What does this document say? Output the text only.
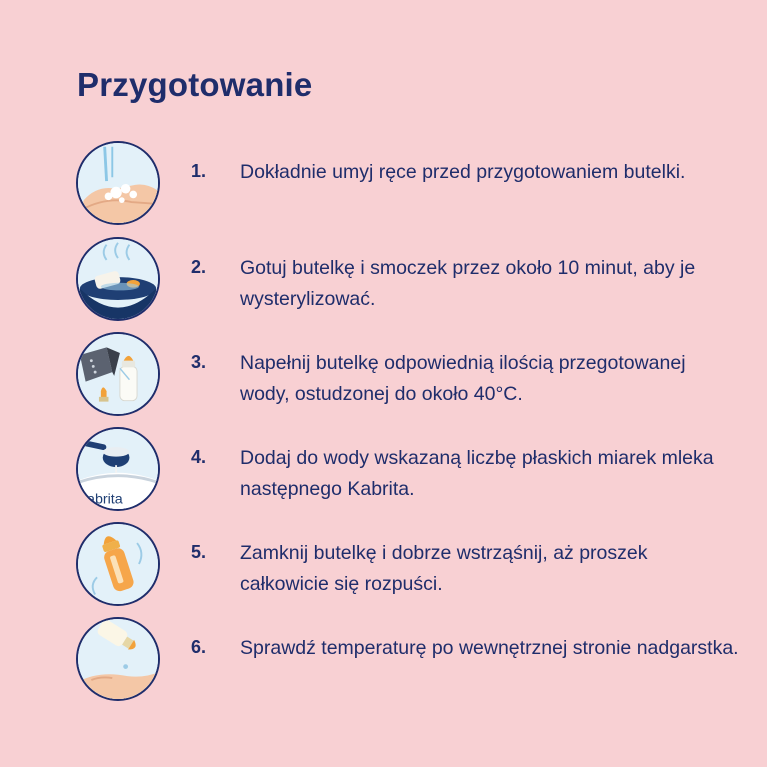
Przygotowanie
1. Dokładnie umyj ręce przed przygotowaniem butelki.
2. Gotuj butelkę i smoczek przez około 10 minut, aby je wysterylizować.
3. Napełnij butelkę odpowiednią ilością przegotowanej wody, ostudzonej do około 40°C.
kabrita
4. Dodaj do wody wskazaną liczbę płaskich miarek mleka następnego Kabrita.
5. Zamknij butelkę i dobrze wstrząśnij, aż proszek całkowicie się rozpuści.
6. Sprawdź temperaturę po wewnętrznej stronie nadgarstka.
